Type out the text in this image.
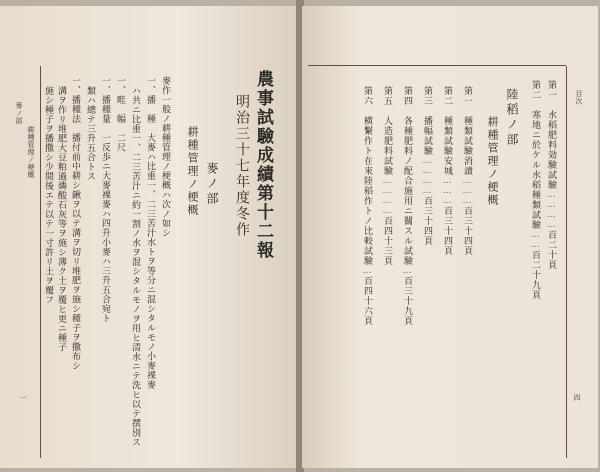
麥ノ部
耕種管理ノ梗概
一
農事試驗成績第十二報
明治三十七年度冬作
麥ノ部
耕種管理ノ梗概
麥作一般ノ耕種管理ノ梗概ハ次ノ如シ
一、播　種　大麥ハ比重一、二三苦汁水トヲ等分ニ混シタルモノ小麥裸麥
ハ共ニ比重一、二三苦汁ニ約一割ノ水ヲ混シタルモノヲ用ヒ清水ニテ洗ヒ以テ撰別ス
一、畦　幅　二尺
一、播種量　一反歩ニ大麥裸麥ハ四升小麥ハ三升五合宛ト
類ハ總テ三升五合トス
一、播種法　播付前中耕シ鍬ヲ以テ溝ヲ切リ堆肥ヲ施シ種子ヲ撒布シ
溝ヲ作リ堆肥大豆粕過燐酸石灰等ヲ施シ薄ク土ヲ覆ヒ更ニ種子
施シ種子ヲ播撒シ少間後エテ以テ一寸許リ土ヲ覆フ	目次
四
第一　水稻肥料効驗試驗…………百二十頁
第二　寒地ニ於ケル水稻種類試驗……百二十九頁
陸稻ノ部
耕種管理ノ梗概
第一　種類試驗消讀………百三十四頁
第二　種類試驗安城………百三十四頁
第三　播幅試驗…………百三十四頁
第四　各種肥料ノ配合施用ニ關スル試驗…百三十九頁
第五　人造肥料試驗…………百四十三頁
第六　横繫作ト在來陸稻作トノ比較試驗…百四十六頁
